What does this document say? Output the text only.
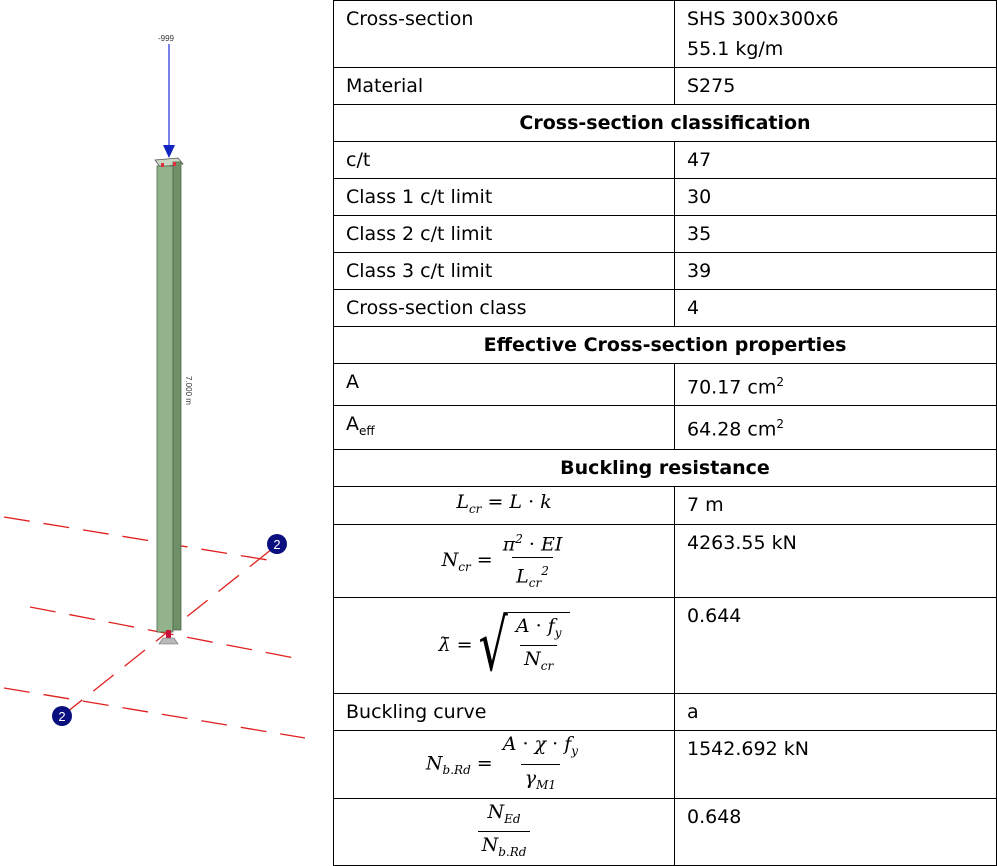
-999
7.000 m
2
2
Cross-section	SHS 300x300x6
55.1 kg/m
Material	S275
Cross-section classification	
c/t	47
Class 1 c/t limit	30
Class 2 c/t limit	35
Class 3 c/t limit	39
Cross-section class	4
Effective Cross-section properties	
A	70.17 $cm^2$
$A_{eff}$	64.28 $cm^2$
Buckling resistance	
$L_{cr} = L \cdot k$	7 m
$N_{cr} = \frac{\pi^2 \cdot EI}{L_{cr}^2}$	4263.55 kN
λ̄ = √ $\frac{A \cdot f_y}{N_{cr}}$	0.644
Buckling curve	a
$N_{b.Rd} = \frac{A \cdot \chi \cdot f_y}{\gamma_{M1}}$	1542.692 kN

$\frac{N_{Ed}}{N_{b.Rd}}$	0.648
